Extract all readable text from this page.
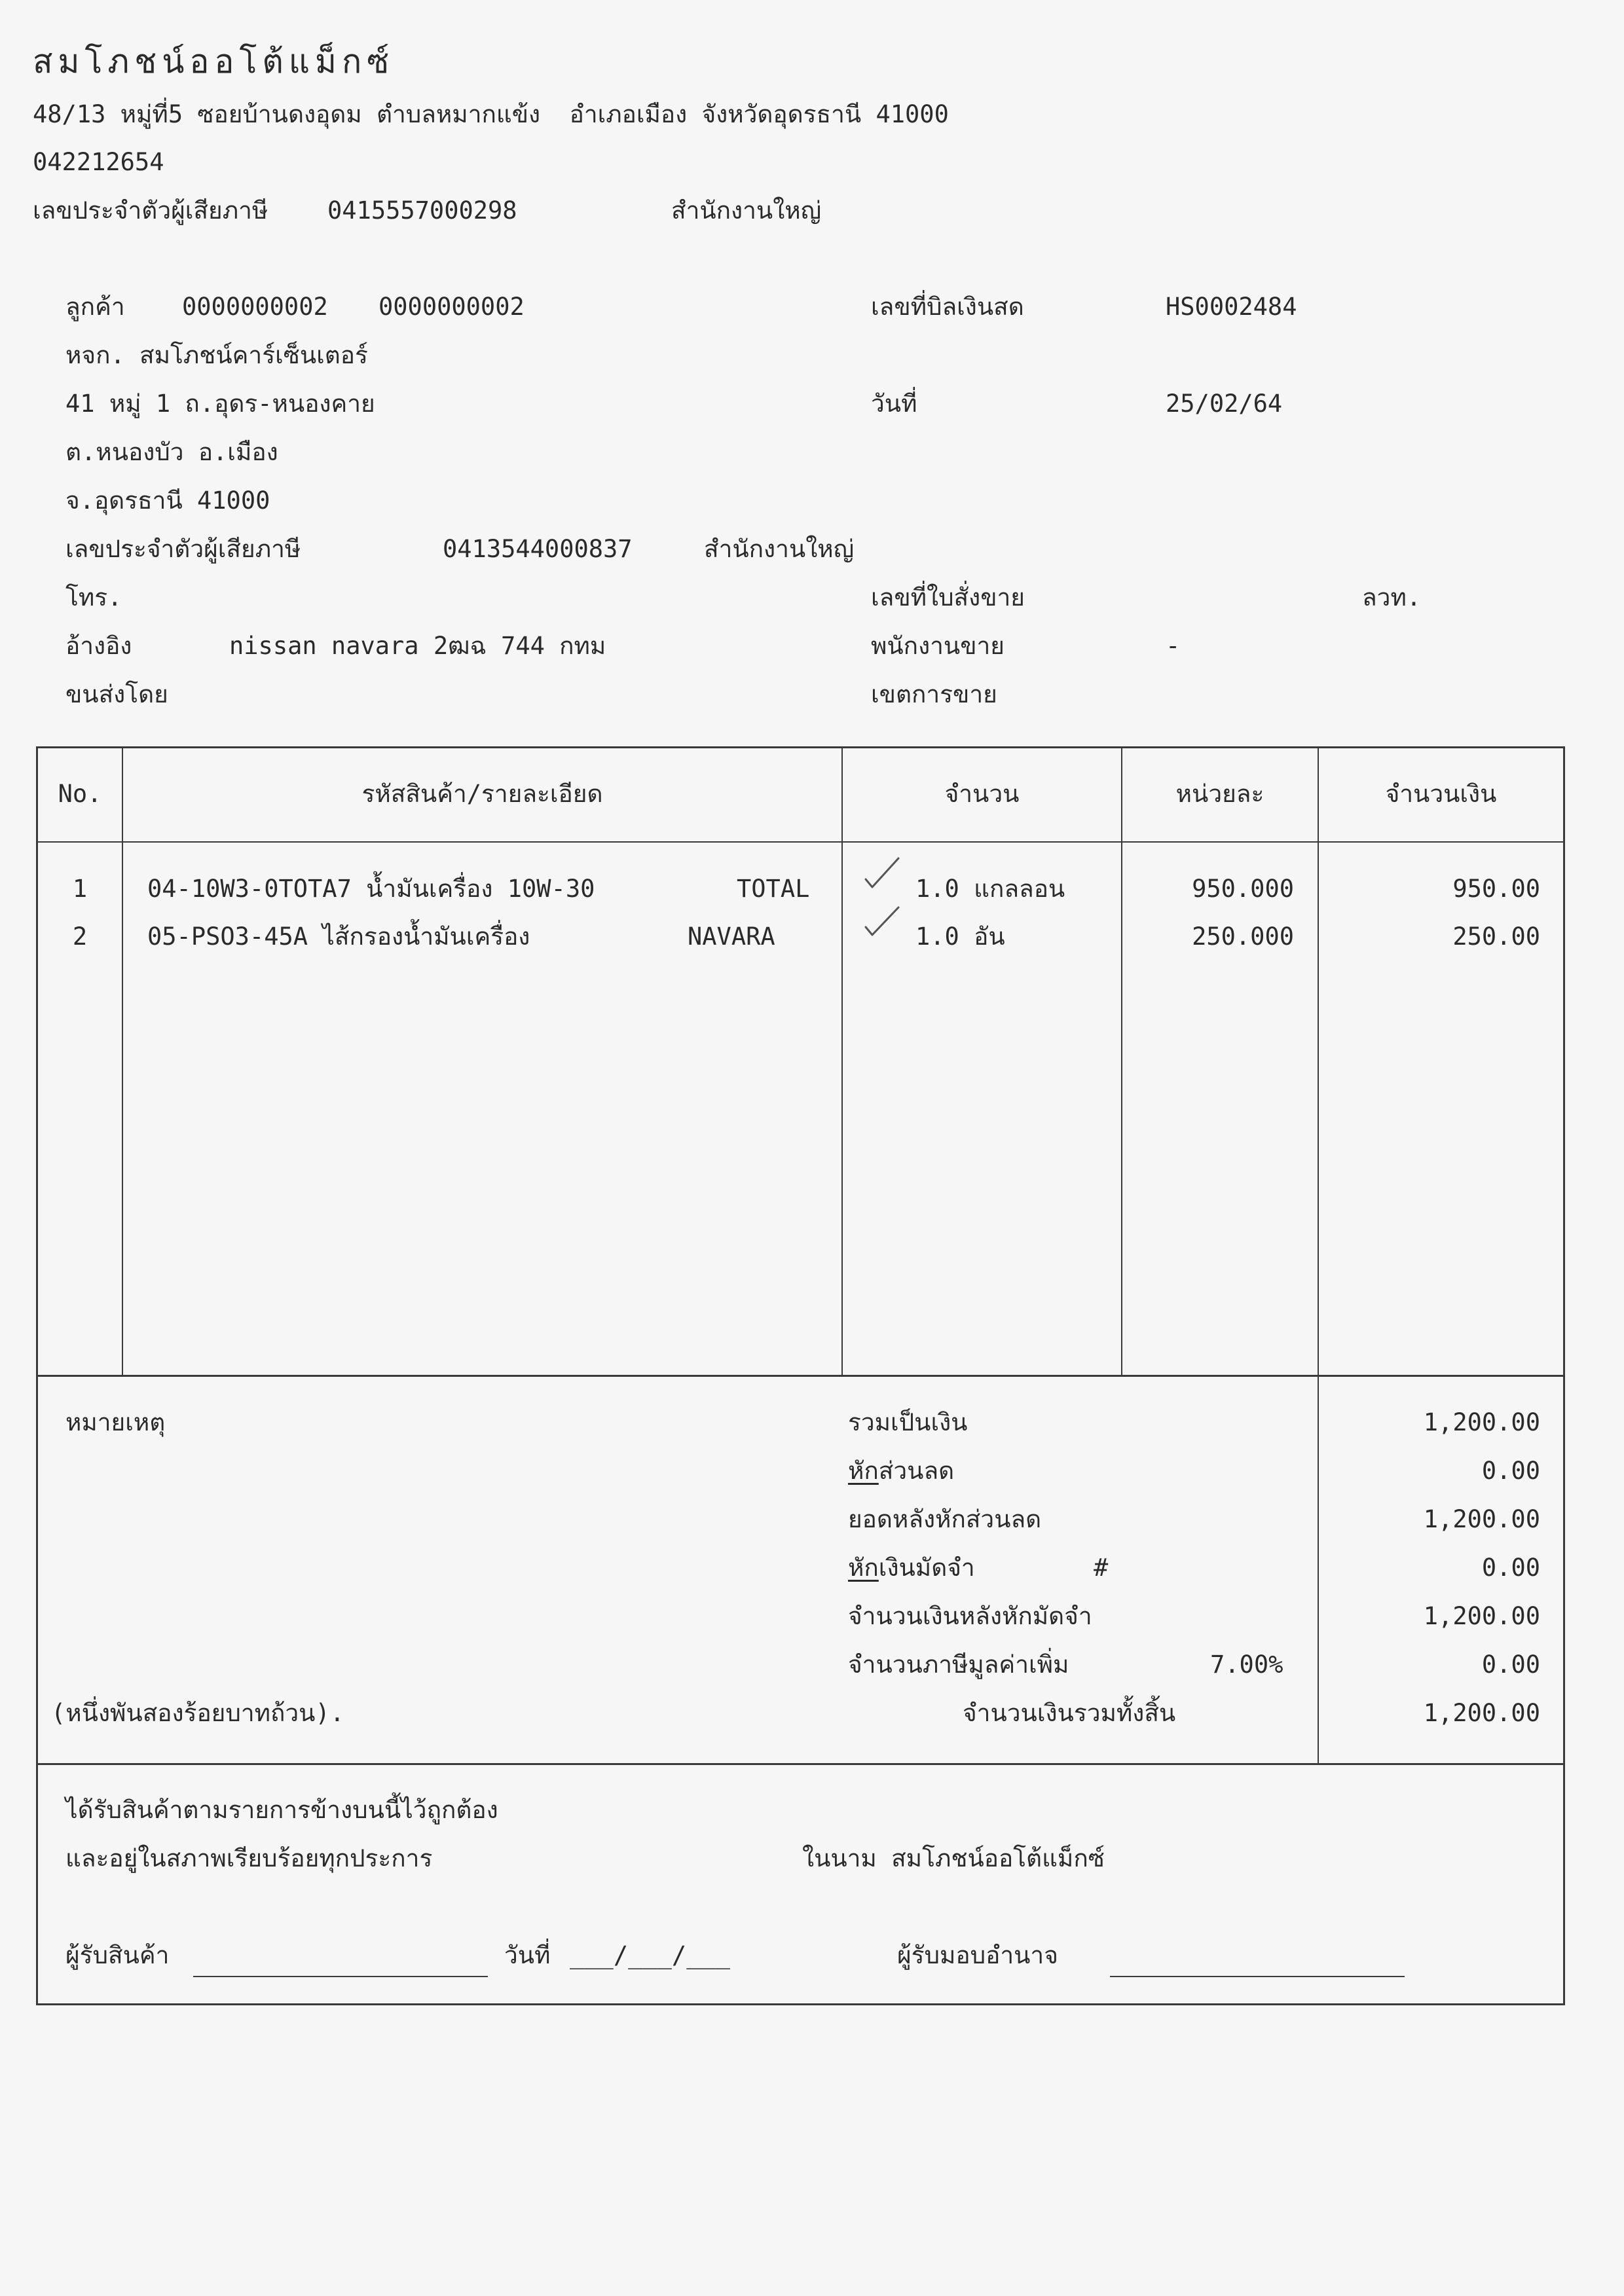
สมโภชน์ออโต้แม็กซ์
48/13 หมู่ที่5 ซอยบ้านดงอุดม ตำบลหมากแข้ง  อำเภอเมือง จังหวัดอุดรธานี 41000
042212654
เลขประจำตัวผู้เสียภาษี 0415557000298	สำนักงานใหญ่
ลูกค้า 0000000002 0000000002
หจก. สมโภชน์คาร์เซ็นเตอร์
41 หมู่ 1 ถ.อุดร-หนองคาย
ต.หนองบัว อ.เมือง
จ.อุดรธานี 41000
เลขประจำตัวผู้เสียภาษี	0413544000837	สำนักงานใหญ่
โทร.
อ้างอิง	nissan navara 2ฒฉ 744 กทม
ขนส่งโดย
เลขที่บิลเงินสด	HS0002484
วันที่	25/02/64
เลขที่ใบสั่งขาย	ลวท.
พนักงานขาย	-
เขตการขาย
No.	รหัสสินค้า/รายละเอียด	จำนวน	หน่วยละ	จำนวนเงิน
1	04-10W3-0TOTA7 น้ำมันเครื่อง 10W-30	TOTAL	1.0 แกลลอน	950.000	950.00
2	05-PSO3-45A ไส้กรองน้ำมันเครื่อง	NAVARA	1.0 อัน	250.000	250.00
หมายเหตุ
(หนึ่งพันสองร้อยบาทถ้วน).
รวมเป็นเงิน	1,200.00
หักส่วนลด	0.00
ยอดหลังหักส่วนลด	1,200.00
หักเงินมัดจำ	#	0.00
จำนวนเงินหลังหักมัดจำ	1,200.00
จำนวนภาษีมูลค่าเพิ่ม	7.00%	0.00
จำนวนเงินรวมทั้งสิ้น	1,200.00
ได้รับสินค้าตามรายการข้างบนนี้ไว้ถูกต้อง
และอยู่ในสภาพเรียบร้อยทุกประการ	ในนาม สมโภชน์ออโต้แม็กซ์
ผู้รับสินค้า	วันที่ ___/___/___	ผู้รับมอบอำนาจ
